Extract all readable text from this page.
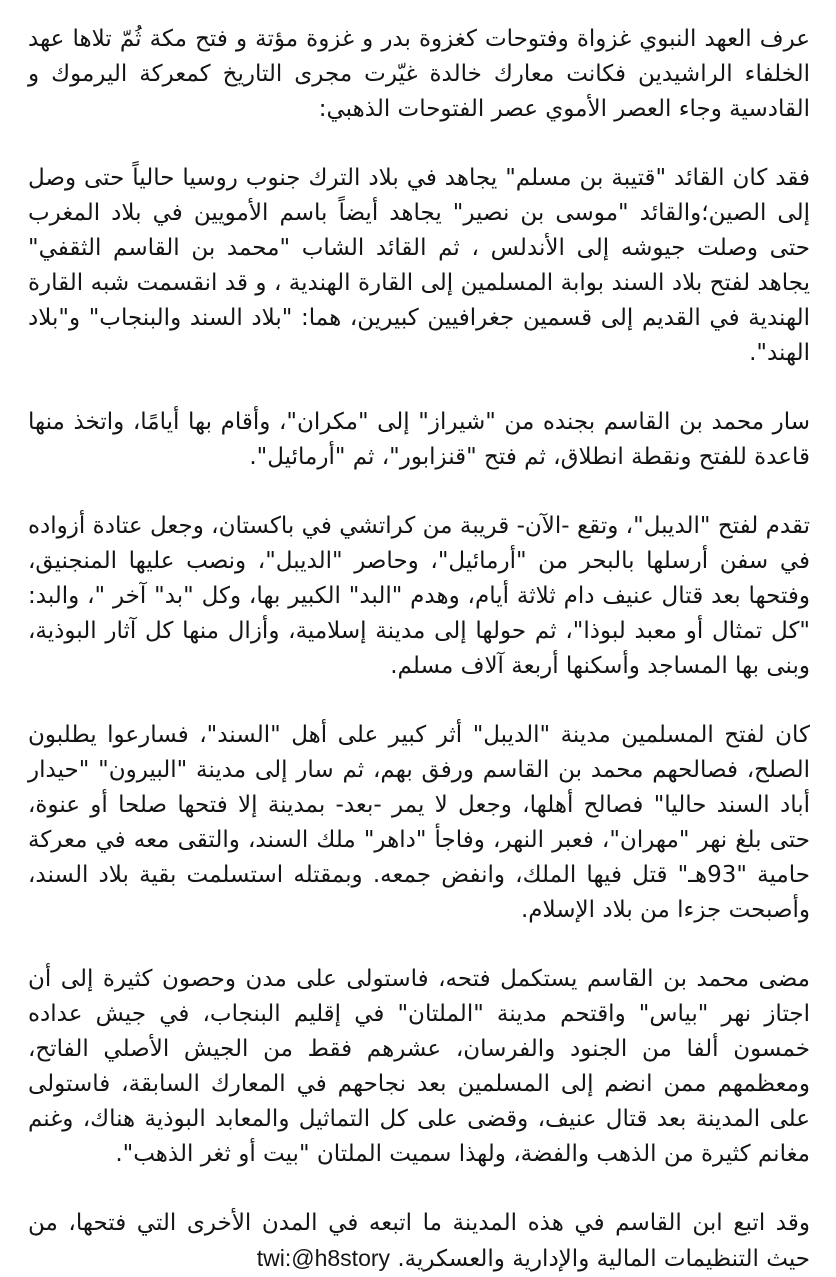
عرف العهد النبوي غزواة وفتوحات كغزوة بدر و غزوة مؤتة و فتح مكة ثُمّ تلاها عهد الخلفاء الراشيدين فكانت معارك خالدة غيّرت مجرى التاريخ كمعركة اليرموك و القادسية وجاء العصر الأموي عصر الفتوحات الذهبي:

فقد كان القائد "قتيبة بن مسلم" يجاهد في بلاد الترك جنوب روسيا حالياً حتى وصل إلى الصين؛والقائد "موسى بن نصير" يجاهد أيضاً باسم الأمويين في بلاد المغرب حتى وصلت جيوشه إلى الأندلس ، ثم القائد الشاب "محمد بن القاسم الثقفي" يجاهد لفتح بلاد السند بوابة المسلمين إلى القارة الهندية ، و قد انقسمت شبه القارة الهندية في القديم إلى قسمين جغرافيين كبيرين، هما: "بلاد السند والبنجاب" و"بلاد الهند".

سار محمد بن القاسم بجنده من "شيراز" إلى "مكران"، وأقام بها أيامًا، واتخذ منها قاعدة للفتح ونقطة انطلاق، ثم فتح "قنزابور"، ثم "أرمائيل".

تقدم لفتح "الديبل"، وتقع -الآن- قريبة من كراتشي في باكستان، وجعل عتادة أزواده في سفن أرسلها بالبحر من "أرمائيل"، وحاصر "الديبل"، ونصب عليها المنجنيق، وفتحها بعد قتال عنيف دام ثلاثة أيام، وهدم "البد" الكبير بها، وكل "بد" آخر "، والبد: "كل تمثال أو معبد لبوذا"، ثم حولها إلى مدينة إسلامية، وأزال منها كل آثار البوذية، وبنى بها المساجد وأسكنها أربعة آلاف مسلم.

كان لفتح المسلمين مدينة "الديبل" أثر كبير على أهل "السند"، فسارعوا يطلبون الصلح، فصالحهم محمد بن القاسم ورفق بهم، ثم سار إلى مدينة "البيرون" "حيدار أباد السند حاليا" فصالح أهلها، وجعل لا يمر -بعد- بمدينة إلا فتحها صلحا أو عنوة، حتى بلغ نهر "مهران"، فعبر النهر، وفاجأ "داهر" ملك السند، والتقى معه في معركة حامية "93هـ" قتل فيها الملك، وانفض جمعه. وبمقتله استسلمت بقية بلاد السند، وأصبحت جزءا من بلاد الإسلام.

مضى محمد بن القاسم يستكمل فتحه، فاستولى على مدن وحصون كثيرة إلى أن اجتاز نهر "بياس" واقتحم مدينة "الملتان" في إقليم البنجاب، في جيش عداده خمسون ألفا من الجنود والفرسان، عشرهم فقط من الجيش الأصلي الفاتح، ومعظمهم ممن انضم إلى المسلمين بعد نجاحهم في المعارك السابقة، فاستولى على المدينة بعد قتال عنيف، وقضى على كل التماثيل والمعابد البوذية هناك، وغنم مغانم كثيرة من الذهب والفضة، ولهذا سميت الملتان "بيت أو ثغر الذهب".

وقد اتبع ابن القاسم في هذه المدينة ما اتبعه في المدن الأخرى التي فتحها، من حيث التنظيمات المالية والإدارية والعسكرية. twi:@h8story
